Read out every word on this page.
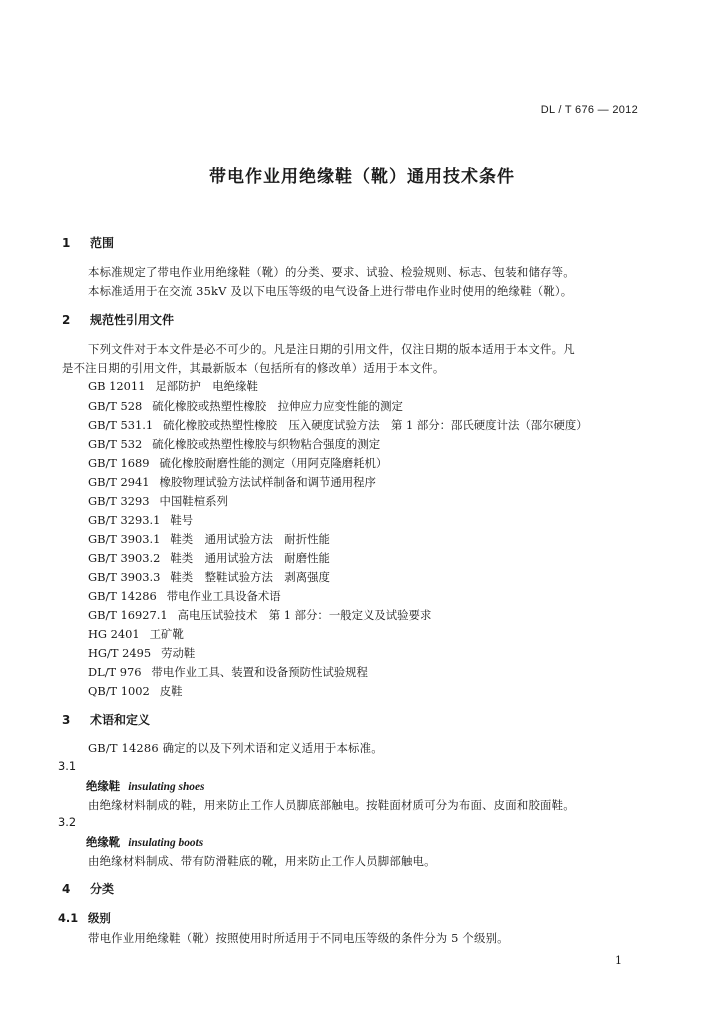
DL / T 676 — 2012
带电作业用绝缘鞋（靴）通用技术条件
1 范围
本标准规定了带电作业用绝缘鞋（靴）的分类、要求、试验、检验规则、标志、包装和储存等。
本标准适用于在交流 35kV 及以下电压等级的电气设备上进行带电作业时使用的绝缘鞋（靴）。
2 规范性引用文件
下列文件对于本文件是必不可少的。凡是注日期的引用文件，仅注日期的版本适用于本文件。凡
是不注日期的引用文件，其最新版本（包括所有的修改单）适用于本文件。
GB 12011 足部防护　电绝缘鞋
GB/T 528 硫化橡胶或热塑性橡胶　拉伸应力应变性能的测定
GB/T 531.1 硫化橡胶或热塑性橡胶　压入硬度试验方法　第 1 部分：邵氏硬度计法（邵尔硬度）
GB/T 532 硫化橡胶或热塑性橡胶与织物粘合强度的测定
GB/T 1689 硫化橡胶耐磨性能的测定（用阿克隆磨耗机）
GB/T 2941 橡胶物理试验方法试样制备和调节通用程序
GB/T 3293 中国鞋楦系列
GB/T 3293.1 鞋号
GB/T 3903.1 鞋类　通用试验方法　耐折性能
GB/T 3903.2 鞋类　通用试验方法　耐磨性能
GB/T 3903.3 鞋类　整鞋试验方法　剥离强度
GB/T 14286 带电作业工具设备术语
GB/T 16927.1 高电压试验技术　第 1 部分：一般定义及试验要求
HG 2401 工矿靴
HG/T 2495 劳动鞋
DL/T 976 带电作业工具、装置和设备预防性试验规程
QB/T 1002 皮鞋
3 术语和定义
GB/T 14286 确定的以及下列术语和定义适用于本标准。
3.1
绝缘鞋 insulating shoes
由绝缘材料制成的鞋，用来防止工作人员脚底部触电。按鞋面材质可分为布面、皮面和胶面鞋。
3.2
绝缘靴 insulating boots
由绝缘材料制成、带有防滑鞋底的靴，用来防止工作人员脚部触电。
4 分类
4.1 级别
带电作业用绝缘鞋（靴）按照使用时所适用于不同电压等级的条件分为 5 个级别。
1
